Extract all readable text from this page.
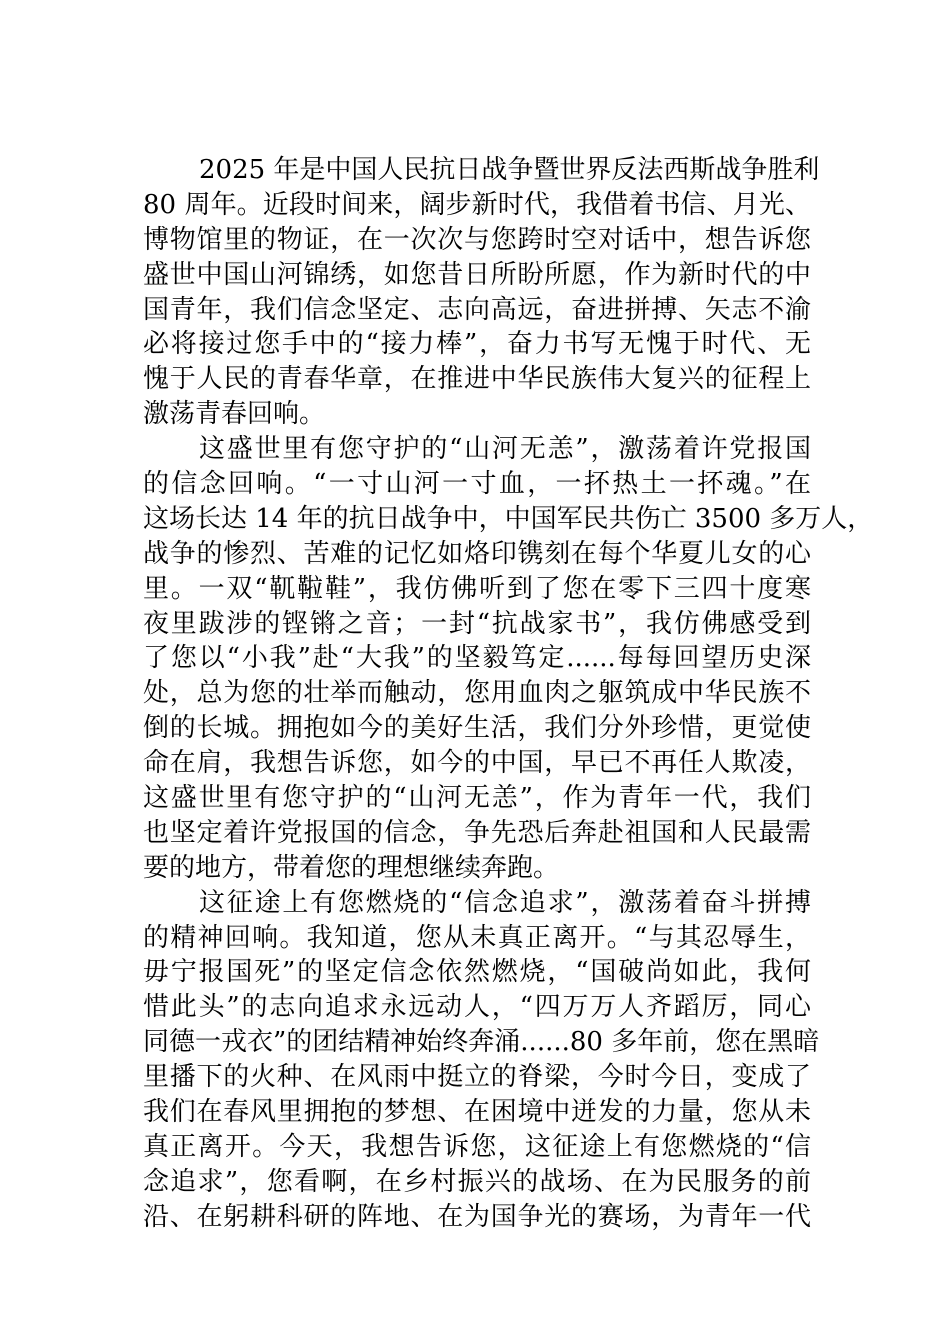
2025 年是中国人民抗日战争暨世界反法西斯战争胜利
80 周年。近段时间来，阔步新时代，我借着书信、月光、
博物馆里的物证，在一次次与您跨时空对话中，想告诉您
盛世中国山河锦绣，如您昔日所盼所愿，作为新时代的中
国青年，我们信念坚定、志向高远，奋进拼搏、矢志不渝
必将接过您手中的“接力棒”，奋力书写无愧于时代、无
愧于人民的青春华章，在推进中华民族伟大复兴的征程上
激荡青春回响。
这盛世里有您守护的“山河无恙”，激荡着许党报国
的信念回响。“一寸山河一寸血，一抔热土一抔魂。”在
这场长达 14 年的抗日战争中，中国军民共伤亡 3500 多万人，
战争的惨烈、苦难的记忆如烙印镌刻在每个华夏儿女的心
里。一双“靰鞡鞋”，我仿佛听到了您在零下三四十度寒
夜里跋涉的铿锵之音；一封“抗战家书”，我仿佛感受到
了您以“小我”赴“大我”的坚毅笃定......每每回望历史深
处，总为您的壮举而触动，您用血肉之躯筑成中华民族不
倒的长城。拥抱如今的美好生活，我们分外珍惜，更觉使
命在肩，我想告诉您，如今的中国，早已不再任人欺凌，
这盛世里有您守护的“山河无恙”，作为青年一代，我们
也坚定着许党报国的信念，争先恐后奔赴祖国和人民最需
要的地方，带着您的理想继续奔跑。
这征途上有您燃烧的“信念追求”，激荡着奋斗拼搏
的精神回响。我知道，您从未真正离开。“与其忍辱生，
毋宁报国死”的坚定信念依然燃烧，“国破尚如此，我何
惜此头”的志向追求永远动人，“四万万人齐蹈厉，同心
同德一戎衣”的团结精神始终奔涌......80 多年前，您在黑暗
里播下的火种、在风雨中挺立的脊梁，今时今日，变成了
我们在春风里拥抱的梦想、在困境中迸发的力量，您从未
真正离开。今天，我想告诉您，这征途上有您燃烧的“信
念追求”，您看啊，在乡村振兴的战场、在为民服务的前
沿、在躬耕科研的阵地、在为国争光的赛场，为青年一代
